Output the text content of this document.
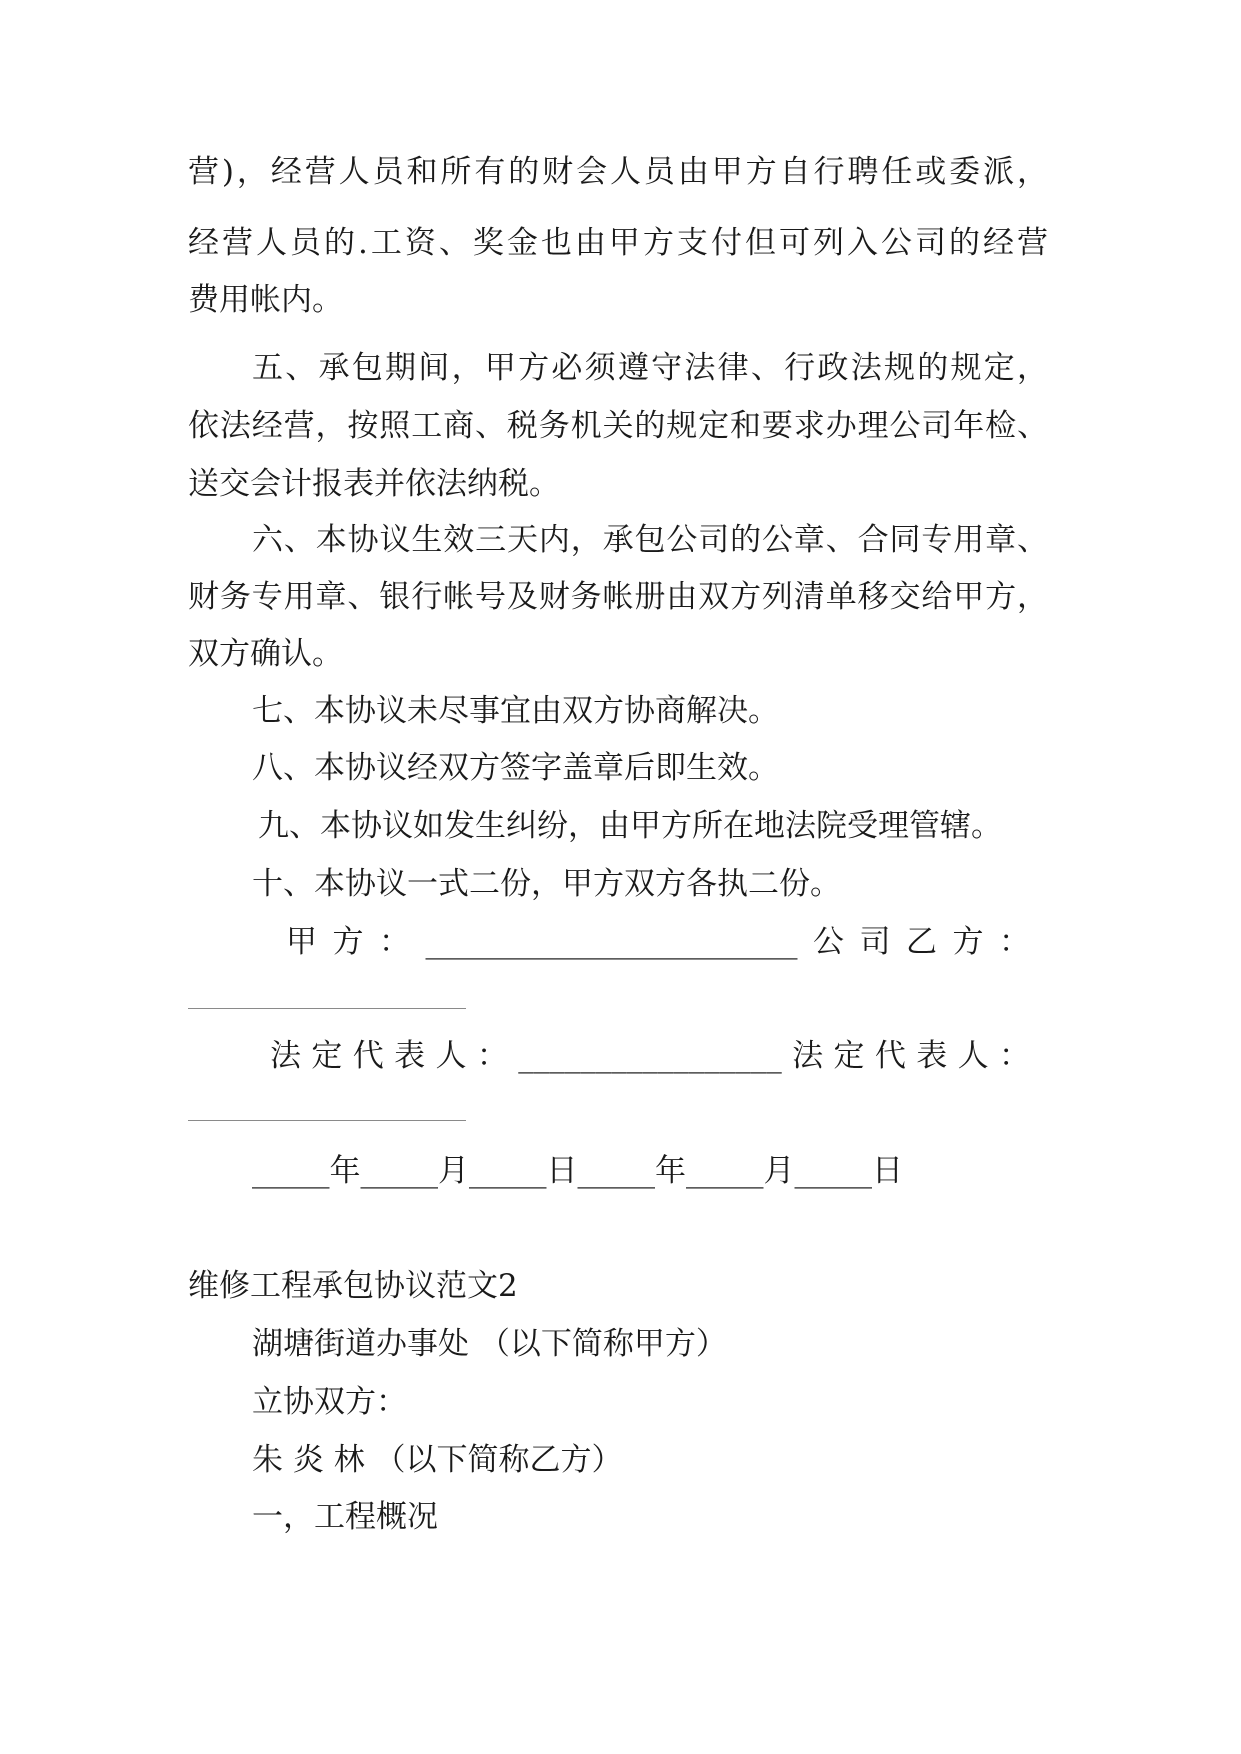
营)，经营人员和所有的财会人员由甲方自行聘任或委派，
经营人员的.工资、奖金也由甲方支付但可列入公司的经营
费用帐内。
五、承包期间，甲方必须遵守法律、行政法规的规定，
依法经营，按照工商、税务机关的规定和要求办理公司年检、
送交会计报表并依法纳税。
六、本协议生效三天内，承包公司的公章、合同专用章、
财务专用章、银行帐号及财务帐册由双方列清单移交给甲方，
双方确认。
七、本协议未尽事宜由双方协商解决。
八、本协议经双方签字盖章后即生效。
九、本协议如发生纠纷，由甲方所在地法院受理管辖。
十、本协议一式二份，甲方双方各执二份。
甲方：________________________公司乙方：
法定代表人：_________________法定代表人：
_____年_____月_____日_____年_____月_____日
维修工程承包协议范文2
湖塘街道办事处 （以下简称甲方）
立协双方：
朱 炎 林 （以下简称乙方）
一，工程概况
